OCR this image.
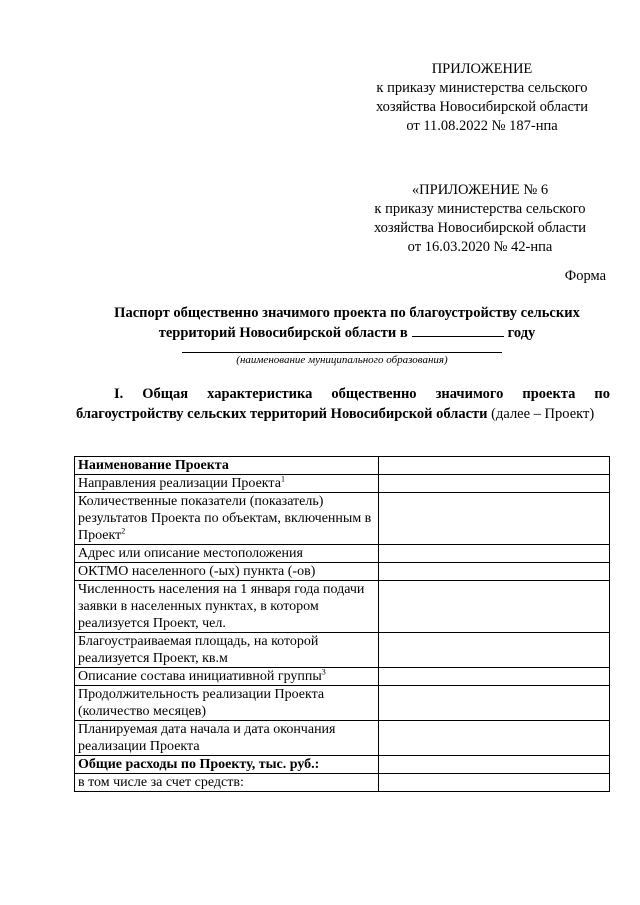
ПРИЛОЖЕНИЕ
к приказу министерства сельского
хозяйства Новосибирской области
от 11.08.2022 № 187-нпа
«ПРИЛОЖЕНИЕ № 6
к приказу министерства сельского
хозяйства Новосибирской области
от 16.03.2020 № 42-нпа
Форма
Паспорт общественно значимого проекта по благоустройству сельских
территорий Новосибирской области в	году
(наименование муниципального образования)
I. Общая характеристика общественно значимого проекта по благоустройству сельских территорий Новосибирской области (далее – Проект)
Наименование Проекта	
Направления реализации Проекта$^1$	
Количественные показатели (показатель) результатов Проекта по объектам, включенным в Проект$^2$	
Адрес или описание местоположения	
ОКТМО населенного (-ых) пункта (-ов)	
Численность населения на 1 января года подачи заявки в населенных пунктах, в котором реализуется Проект, чел.	
Благоустраиваемая площадь, на которой реализуется Проект, кв.м	
Описание состава инициативной группы$^3$	
Продолжительность реализации Проекта (количество месяцев)	
Планируемая дата начала и дата окончания реализации Проекта	
Общие расходы по Проекту, тыс. руб.:	
в том числе за счет средств:	
